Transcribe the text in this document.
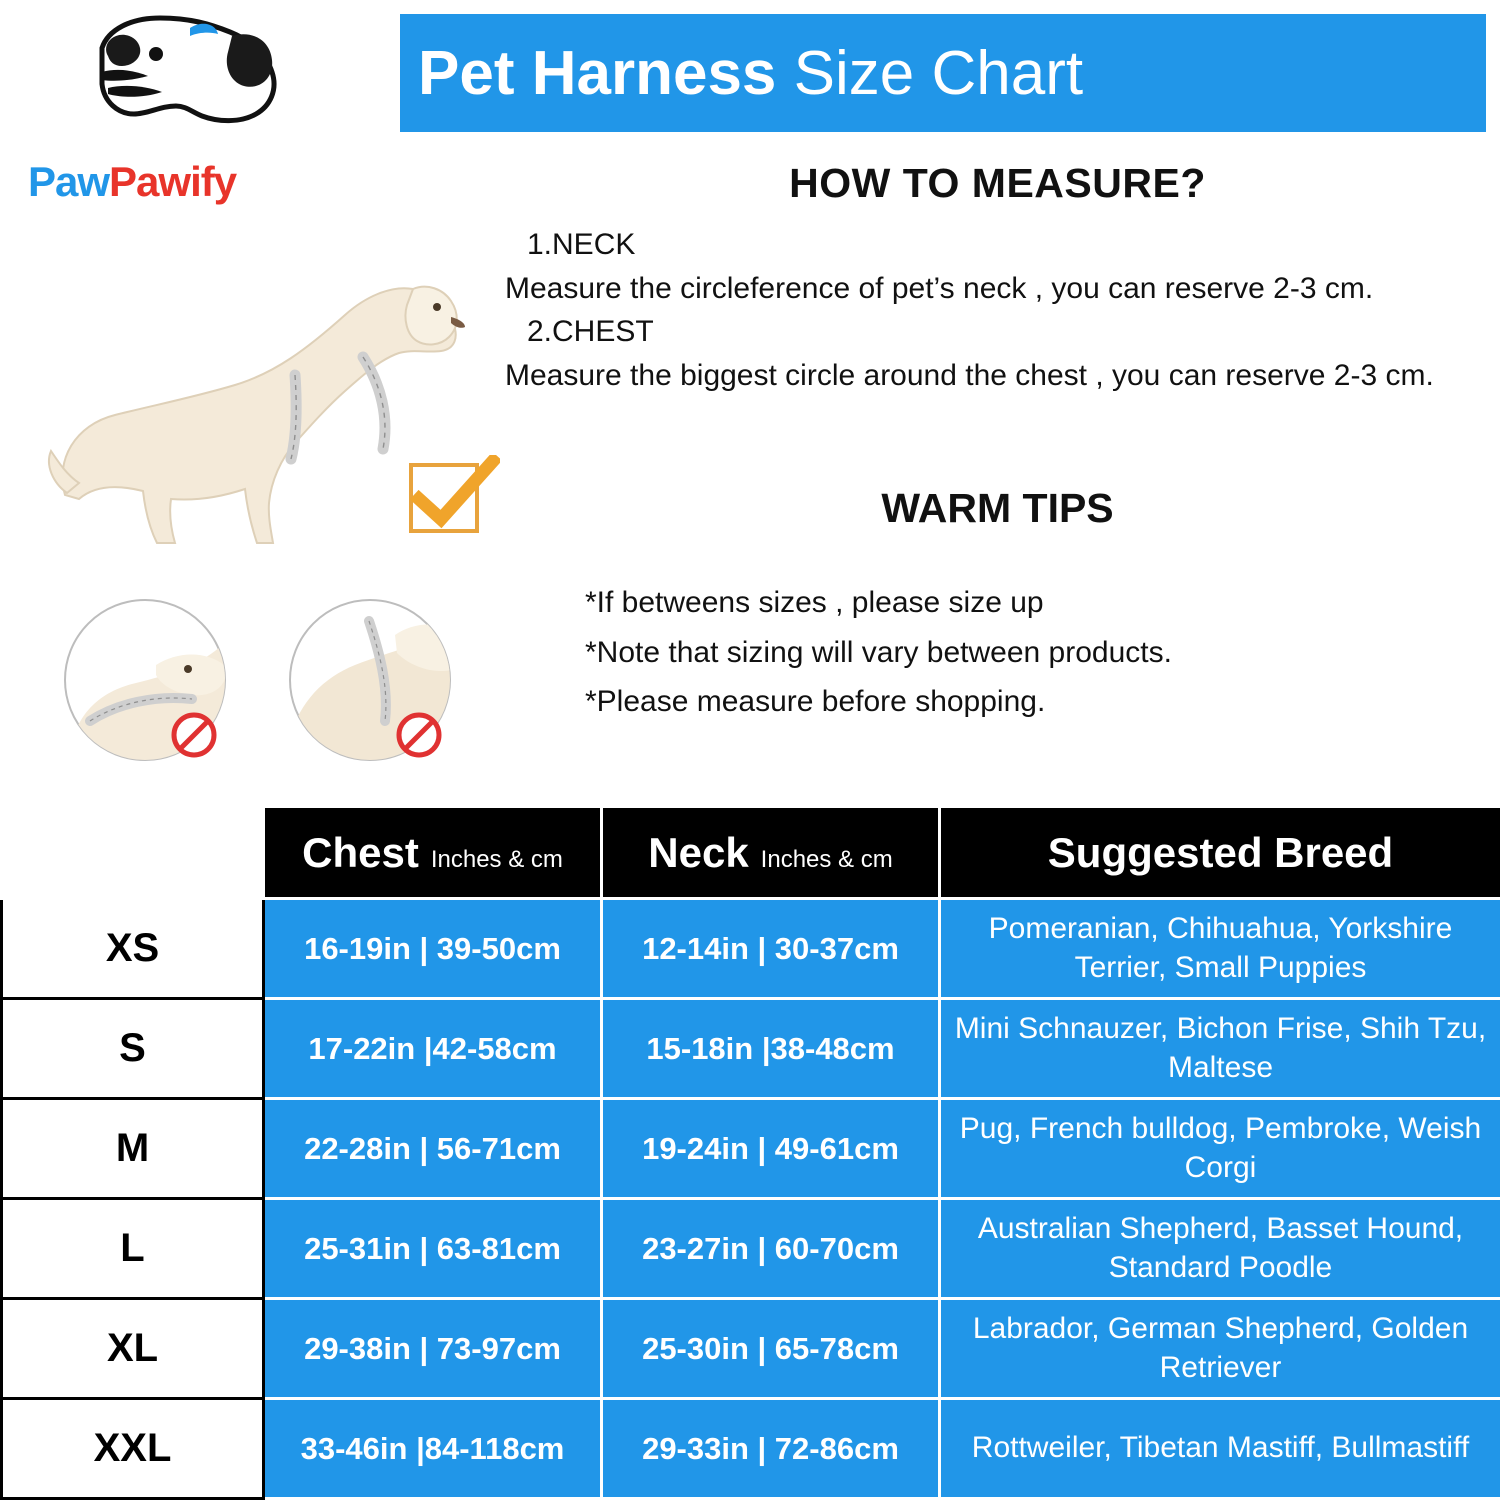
PawPawify
Pet Harness Size Chart
HOW TO MEASURE?
1.NECK
Measure the circleference of pet’s neck , you can reserve 2-3 cm.
2.CHEST
Measure the biggest circle around the chest , you can reserve 2-3 cm.
WARM TIPS
*If betweens sizes , please size up
*Note that sizing will vary between products.
*Please measure before shopping.

	Chest Inches & cm	Neck Inches & cm	Suggested Breed

XS	16-19in | 39-50cm	12-14in | 30-37cm	Pomeranian, Chihuahua, Yorkshire Terrier, Small Puppies
S	17-22in |42-58cm	15-18in |38-48cm	Mini Schnauzer, Bichon Frise, Shih Tzu, Maltese
M	22-28in | 56-71cm	19-24in | 49-61cm	Pug, French bulldog, Pembroke, Weish Corgi
L	25-31in | 63-81cm	23-27in | 60-70cm	Australian Shepherd, Basset Hound, Standard Poodle
XL	29-38in | 73-97cm	25-30in | 65-78cm	Labrador, German Shepherd, Golden Retriever
XXL	33-46in |84-118cm	29-33in | 72-86cm	Rottweiler, Tibetan Mastiff, Bullmastiff
